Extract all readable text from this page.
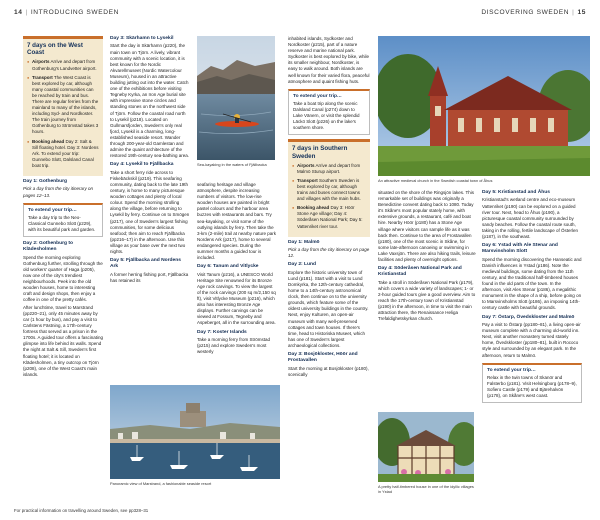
14 | INTRODUCING SWEDEN	DISCOVERING SWEDEN | 15
7 days on the West Coast
● Airports Arrive and depart from Gothenburg's Landvetter airport.
● Transport The West Coast is best explored by car, although many coastal communities can be reached by train and bus. There are regular ferries from the mainland to many of the islands, including Syd- and Nordkoster. The train journey from Gothenburg to Strömstad takes 3 hours.
● Booking ahead Day 2: Salt & Sill floating hotel. Day 3: Nordens Ark. To extend your trip: Gunnebo Slott, Dalsland Canal boat trip.

Day 1: Gothenburg

Pick a day from the city itinerary on pages 12–13.

To extend your trip…
Take a day trip to the Neo-Classical Gunnebo Slott (p229), with its beautiful park and garden.

Day 2: Gothenburg to Klädesholmen

Spend the morning exploring Gothenburg further, strolling through the old workers' quarter of Haga (p205), now one of the city's trendiest neighbourhoods. Peek into the old wooden houses, home to interesting craft and design shops, then enjoy a coffee in one of the pretty cafés.

After lunchtime, travel to Marstrand (pp220–21), only 45 minutes away by car (1 hour by bus), and pay a visit to Carlstens Fästning, a 17th-century fortress that served as a prison in the 1700s. A guided tour offers a fascinating glimpse into life behind its walls. Spend the night at Salt & Sill, Sweden's first floating hotel; it is located on Klädesholmen, a tiny outcrop on Tjörn (p208), one of the West Coast's main islands.

Day 3: Skärhamn to Lysekil

Start the day in Skärhamn (p220), the main town on Tjörn. A lively, vibrant community with a scenic location, it is best known for the Nordic Akvarellmuseet (Nordic Watercolour Museum), housed in an attractive building jutting out into the water. Catch one of the exhibitions before visiting Tegneby Kyrka, an Iron Age burial site with impressive stone circles and standing stones on the northwest side of Tjörn. Follow the coastal road north to Lysekil (p218). Located on Gullmarsfjorden, Sweden's only real fjord, Lysekil is a charming, long-established seaside resort. Wander through 200-year-old Gamlestan and admire the quaint architecture of the restored 19th-century sea-bathing area.

Day 4: Lysekil to Fjällbacka

Take a short ferry ride across to Fiskebäckskil (p219). This seafaring community, dating back to the late 19th century, is home to many picturesque wooden cottages and plenty of local colour. Spend the morning strolling along the village, before returning to Lysekil by ferry. Continue on to Smögen (p217), one of Sweden's largest fishing communities, for some delicious seafood; then aim to reach Fjällbacka (pp216–17) in the afternoon. Use this village as your base over the next two nights.

Day 5: Fjällbacka and Nordens Ark

A former herring fishing port, Fjällbacka has retained its

Sea-kayaking in the waters of Fjällbacka

seafaring heritage and village atmosphere, despite increasing numbers of visitors. The low-rise wooden houses are painted in bright pastel colours and the harbour area buzzes with restaurants and bars. Try sea-kayaking, or visit some of the outlying islands by ferry. Then take the 3-km (2-mile) trail at nearby nature park Nordens Ark (p217), home to several endangered species. During the summer months a guided tour is included.

Day 6: Tanum and Vitlycke

Visit Tanum (p216), a UNESCO World Heritage Site renowned for its Bronze Age rock carvings. To view the largest of the rock carvings (200 sq m/2,150 sq ft), visit Vitlycke Museum (p216), which also has interesting Bronze Age displays. Further carvings can be viewed at Fossum, Tegneby and Aspeberget, all in the surrounding area.

Day 7: Koster Islands

Take a morning ferry from Strömstad (p215) and explore Sweden's most westerly

Panoramic view of Marstrand, a fashionable seaside resort

inhabited islands, Sydkoster and Nordkoster (p215), part of a nature reserve and marine national park. Sydkoster is best explored by bike, while its smaller neighbour, Nordkoster, is easy to walk around. Both islands are well known for their varied flora, peaceful atmosphere and quaint fishing huts.

To extend your trip…
Take a boat trip along the scenic Dalsland Canal (p274) down to Lake Vänern, or visit the splendid Läckö Slott (p226) on the lake's southern shore.
7 days in Southern Sweden
● Airports Arrive and depart from Malmö Sturup airport.
● Transport Southern Sweden is best explored by car, although trains and buses connect towns and villages with the main hubs.
● Booking ahead Day 3: Höör Stone Age village; Day 4: Söderåsen National Park; Day 5: Vattenriket river tour.

Day 1: Malmö

Pick a day from the city itinerary on page 12.

Day 2: Lund

Explore the historic university town of Lund (p181). Start with a visit to Lund Domkyrka, the 12th-century cathedral, home to a 14th-century astronomical clock, then continue on to the university grounds, which feature some of the oldest university buildings in the country. Next, enjoy Kulturen, an open-air museum with many well-preserved cottages and town houses. If there's time, head to Historiska Museet, which has one of Sweden's largest archaeological collections.

Day 3: Bosjökloster, Höör and Frostavallen

Start the morning at Bosjökloster (p180), scenically

An attractive medieval church in the Swedish coastal town of Åhus

situated on the shore of the Ringsjön lakes. This remarkable set of buildings was originally a Benedictine convent dating back to 1080. Today it's Skåne's most popular stately home, with extensive grounds, a restaurant, café and boat hire. Nearby Höör (p180) has a Stone Age village where visitors can sample life as it was back then. Continue to the area of Frostavallen (p180), one of the most scenic in Skåne, for some late-afternoon canoeing or swimming in Lake Vaxsjön. There are also hiking trails, leisure facilities and plenty of overnight options.

Day 4: Söderåsen National Park and Kristianstad

Take a stroll in Söderåsen National Park (p179), which covers a wide variety of landscapes; 1- or 2-hour guided tours give a good overview. Aim to reach the 17th-century town of Kristianstad (p190) in the afternoon, in time to visit the main attraction there, the Renaissance Heliga Trefaldighetskyrkan church.

A pretty half-timbered house in one of the idyllic villages in Ystad

Day 5: Kristianstad and Åhus

Kristianstad's wetland centre and eco-museum Vattenriket (p190) can be explored on a guided river tour. Next, head to Åhus (p190), a picturesque coastal community surrounded by sandy beaches. Follow the coastal route south, taking in the rolling, fertile landscape of Österlen (p187), in the southeast.

Day 6: Ystad with Ale Stenar and Marsvinsholm Slott

Spend the morning discovering the Hanseatic and Danish influences in Ystad (p186). Note the medieval buildings, some dating from the 11th century, and the traditional half-timbered houses found in the old parts of the town. In the afternoon, visit Ales Stenar (p186), a megalithic monument in the shape of a ship, before going on to Marsvinsholms Slott (p186), an imposing 14th-century castle with beautiful grounds.

Day 7: Östarp, Övedskloster and Malmö

Pay a visit to Östarp (pp180–81), a living open-air museum complete with a charming old-world inn. Next, visit another monastery turned stately home, Övedskloster (pp180–81), built in Rococo style and surrounded by an elegant park. In the afternoon, return to Malmö.

To extend your trip…
Relax in the twin towns of Skanör and Falsterbo (p181). Visit Helsingborg (p178–9), Sofiero Castle (p179) and Bjärehalvön (p178), on Skåne's west coast.
For practical information on travelling around Sweden, see pp328–31
